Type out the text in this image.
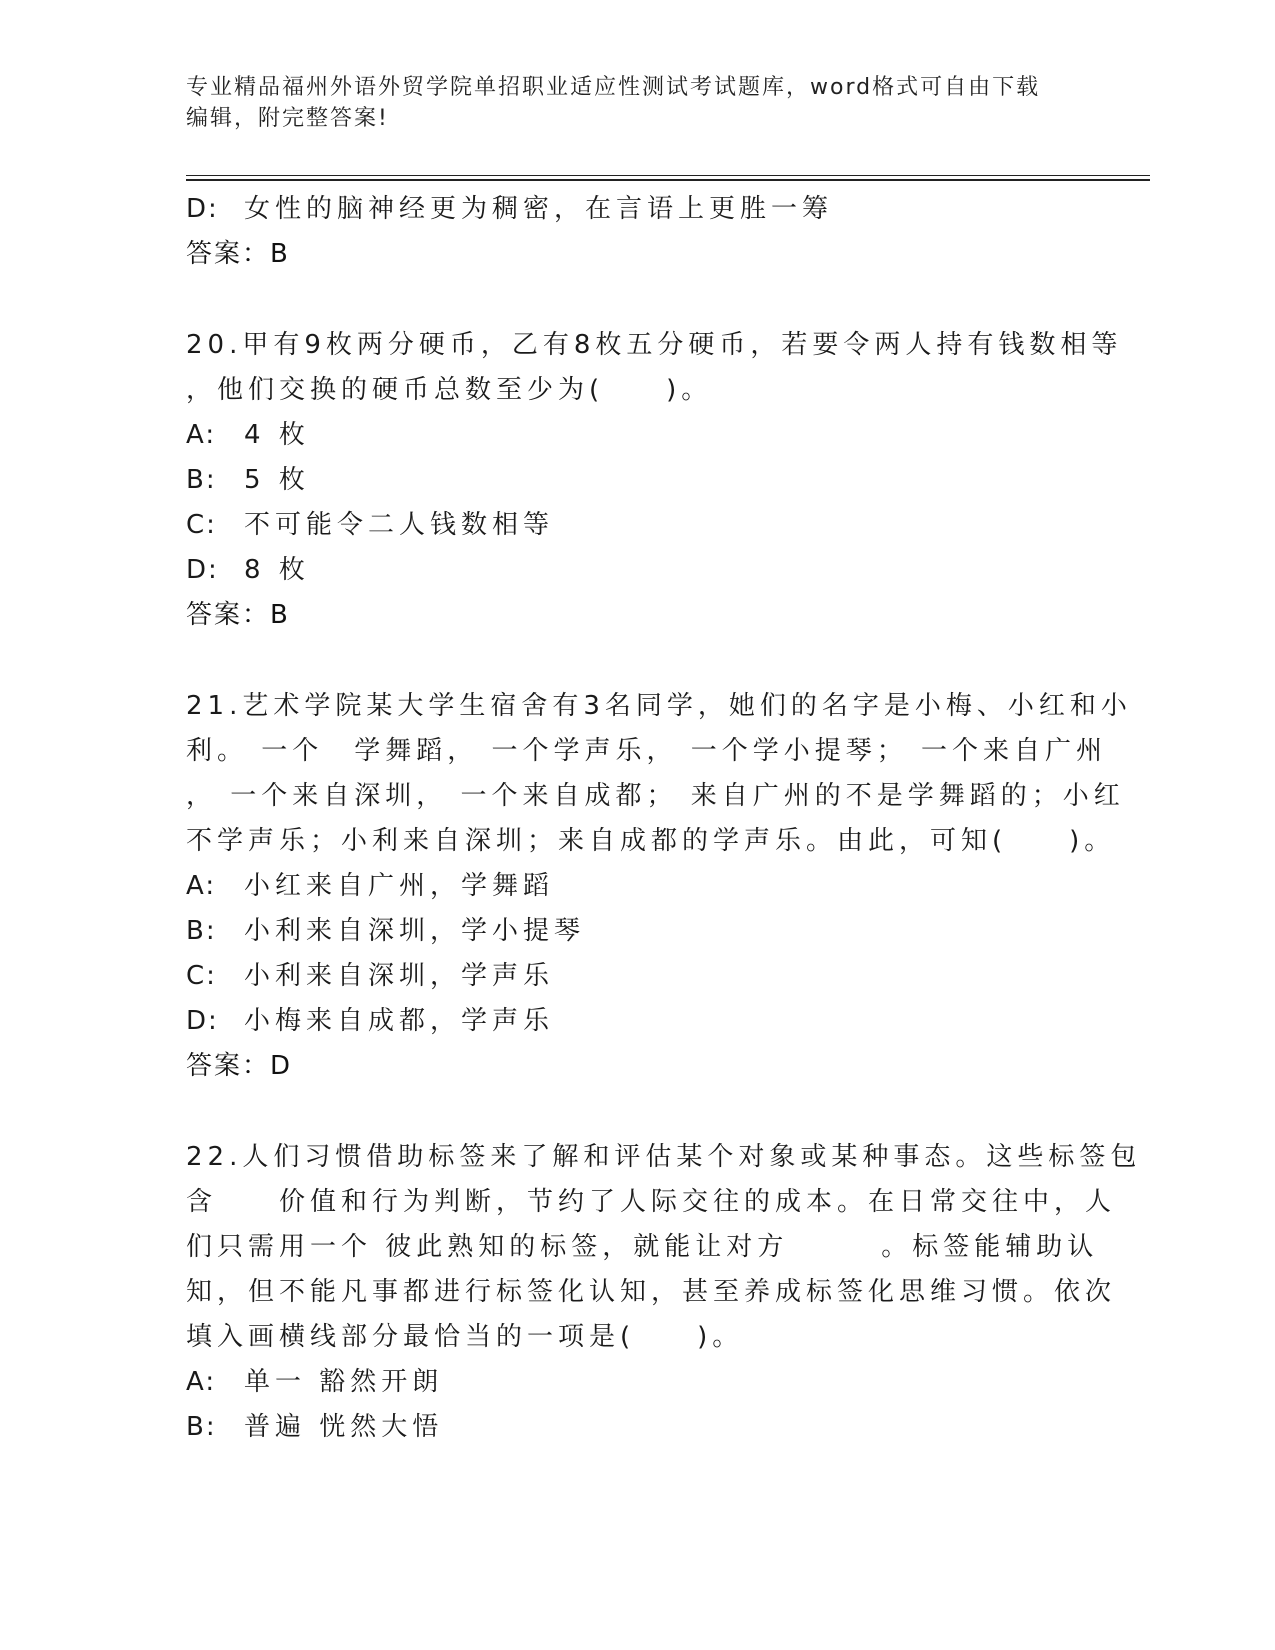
专业精品福州外语外贸学院单招职业适应性测试考试题库，word格式可自由下载
编辑，附完整答案!
D: 女性的脑神经更为稠密，在言语上更胜一筹
答案：B
20.甲有9枚两分硬币，乙有8枚五分硬币，若要令两人持有钱数相等
，他们交换的硬币总数至少为(　　)。
A:	4 枚
B:	5 枚
C:	不可能令二人钱数相等
D: 8 枚
答案：B
21.艺术学院某大学生宿舍有3名同学，她们的名字是小梅、小红和小
利。 一个　学舞蹈， 一个学声乐， 一个学小提琴； 一个来自广州
， 一个来自深圳， 一个来自成都； 来自广州的不是学舞蹈的；小红
不学声乐；小利来自深圳；来自成都的学声乐。由此，可知(　　)。
A:	小红来自广州，学舞蹈
B:	小利来自深圳，学小提琴
C:	小利来自深圳，学声乐
D: 小梅来自成都，学声乐
答案：D
22.人们习惯借助标签来了解和评估某个对象或某种事态。这些标签包
含　　价值和行为判断，节约了人际交往的成本。在日常交往中，人
们只需用一个 彼此熟知的标签，就能让对方　　　。标签能辅助认
知，但不能凡事都进行标签化认知，甚至养成标签化思维习惯。依次
填入画横线部分最恰当的一项是(　　)。
A:	单一 豁然开朗
B:	普遍 恍然大悟
